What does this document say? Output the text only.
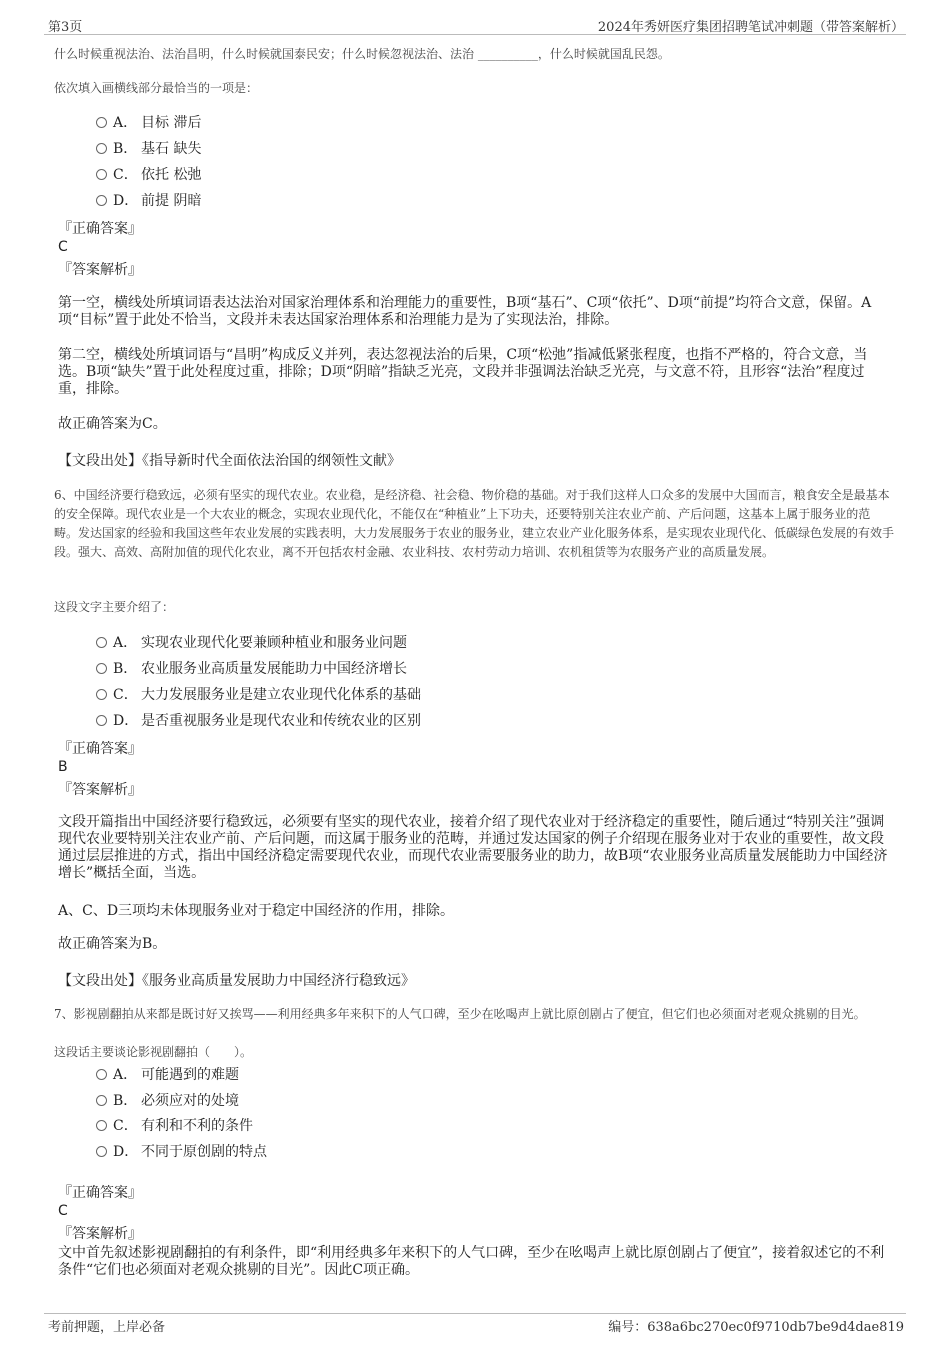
第3页	2024年秀妍医疗集团招聘笔试冲刺题（带答案解析）
什么时候重视法治、法治昌明，什么时候就国泰民安；什么时候忽视法治、法治 __________，什么时候就国乱民怨。
依次填入画横线部分最恰当的一项是：
A． 目标 滞后
B． 基石 缺失
C． 依托 松弛
D． 前提 阴暗
『正确答案』
C
『答案解析』
第一空，横线处所填词语表达法治对国家治理体系和治理能力的重要性，B项“基石”、C项“依托”、D项“前提”均符合文意，保留。A项“目标”置于此处不恰当，文段并未表达国家治理体系和治理能力是为了实现法治，排除。
第二空，横线处所填词语与“昌明”构成反义并列，表达忽视法治的后果，C项“松弛”指减低紧张程度，也指不严格的，符合文意，当选。B项“缺失”置于此处程度过重，排除；D项“阴暗”指缺乏光亮，文段并非强调法治缺乏光亮，与文意不符，且形容“法治”程度过重，排除。
故正确答案为C。
【文段出处】《指导新时代全面依法治国的纲领性文献》
6、中国经济要行稳致远，必须有坚实的现代农业。农业稳，是经济稳、社会稳、物价稳的基础。对于我们这样人口众多的发展中大国而言，粮食安全是最基本的安全保障。现代农业是一个大农业的概念，实现农业现代化，不能仅在“种植业”上下功夫，还要特别关注农业产前、产后问题，这基本上属于服务业的范畴。发达国家的经验和我国这些年农业发展的实践表明，大力发展服务于农业的服务业，建立农业产业化服务体系，是实现农业现代化、低碳绿色发展的有效手段。强大、高效、高附加值的现代化农业，离不开包括农村金融、农业科技、农村劳动力培训、农机租赁等为农服务产业的高质量发展。
这段文字主要介绍了：
A． 实现农业现代化要兼顾种植业和服务业问题
B． 农业服务业高质量发展能助力中国经济增长
C． 大力发展服务业是建立农业现代化体系的基础
D． 是否重视服务业是现代农业和传统农业的区别
『正确答案』
B
『答案解析』
文段开篇指出中国经济要行稳致远，必须要有坚实的现代农业，接着介绍了现代农业对于经济稳定的重要性，随后通过“特别关注”强调现代农业要特别关注农业产前、产后问题，而这属于服务业的范畴，并通过发达国家的例子介绍现在服务业对于农业的重要性，故文段通过层层推进的方式，指出中国经济稳定需要现代农业，而现代农业需要服务业的助力，故B项“农业服务业高质量发展能助力中国经济增长”概括全面，当选。
A、C、D三项均未体现服务业对于稳定中国经济的作用，排除。
故正确答案为B。
【文段出处】《服务业高质量发展助力中国经济行稳致远》
7、影视剧翻拍从来都是既讨好又挨骂——利用经典多年来积下的人气口碑，至少在吆喝声上就比原创剧占了便宜，但它们也必须面对老观众挑剔的目光。
这段话主要谈论影视剧翻拍（　　）。
A． 可能遇到的难题
B． 必须应对的处境
C． 有利和不利的条件
D． 不同于原创剧的特点
『正确答案』
C
『答案解析』
文中首先叙述影视剧翻拍的有利条件，即“利用经典多年来积下的人气口碑，至少在吆喝声上就比原创剧占了便宜”，接着叙述它的不利条件“它们也必须面对老观众挑剔的目光”。因此C项正确。
考前押题，上岸必备	编号：638a6bc270ec0f9710db7be9d4dae819
